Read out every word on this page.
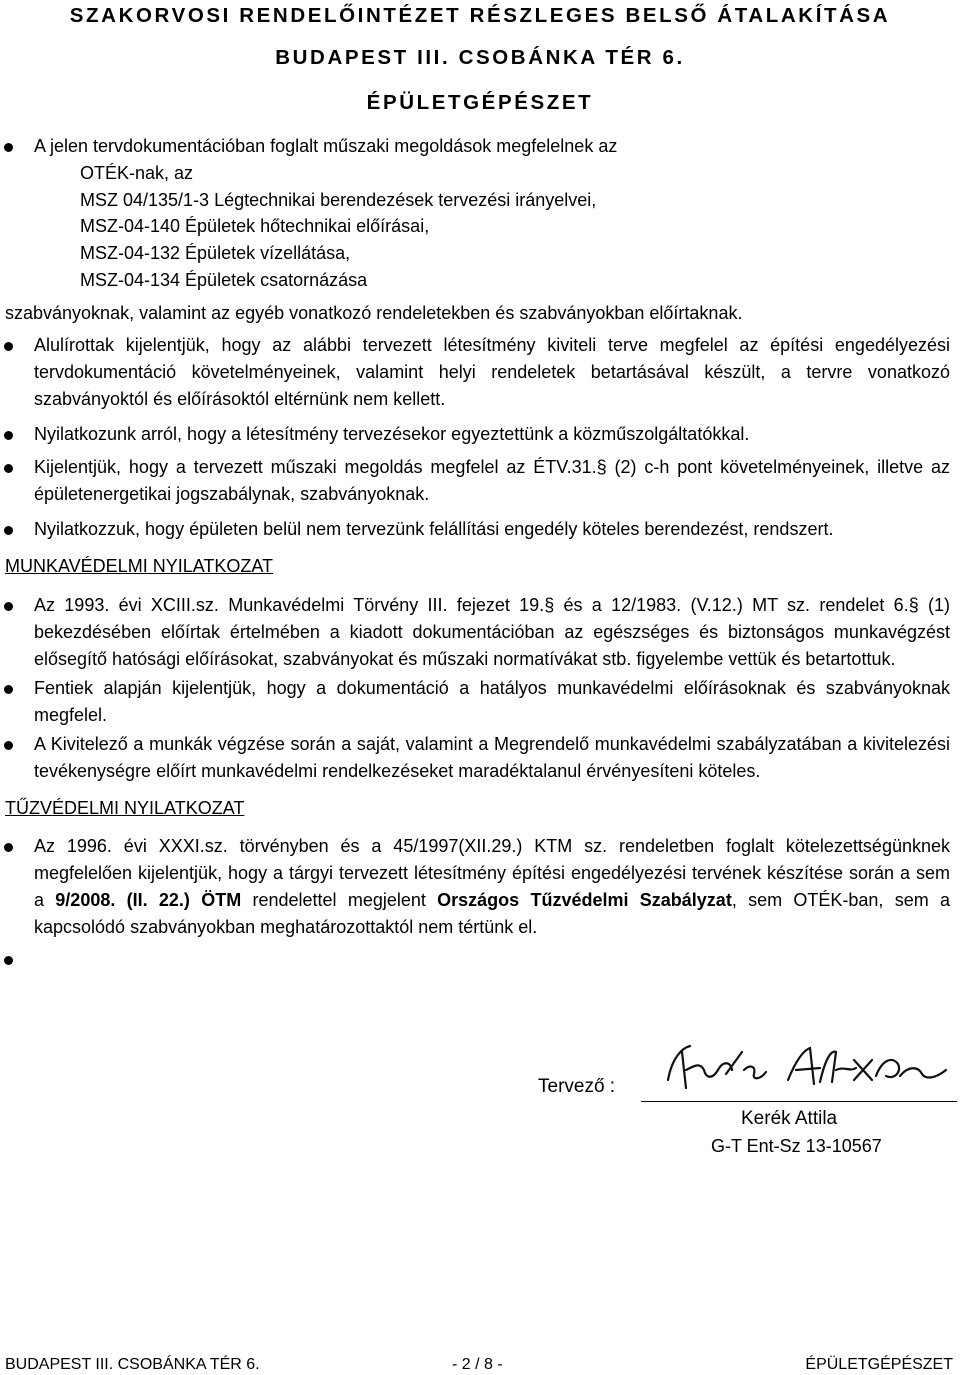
SZAKORVOSI RENDELŐINTÉZET RÉSZLEGES BELSŐ ÁTALAKÍTÁSA
BUDAPEST III. CSOBÁNKA TÉR 6.
ÉPÜLETGÉPÉSZET

A jelen tervdokumentációban foglalt műszaki megoldások megfelelnek az

OTÉK-nak, az

MSZ 04/135/1-3 Légtechnikai berendezések tervezési irányelvei,

MSZ-04-140 Épületek hőtechnikai előírásai,

MSZ-04-132 Épületek vízellátása,

MSZ-04-134 Épületek csatornázása

szabványoknak, valamint az egyéb vonatkozó rendeletekben és szabványokban előírtaknak.
Alulírottak kijelentjük, hogy az alábbi tervezett létesítmény kiviteli terve megfelel az építési engedélyezési tervdokumentáció követelményeinek, valamint helyi rendeletek betartásával készült, a tervre vonatkozó szabványoktól és előírásoktól eltérnünk nem kellett.
Nyilatkozunk arról, hogy a létesítmény tervezésekor egyeztettünk a közműszolgáltatókkal.
Kijelentjük, hogy a tervezett műszaki megoldás megfelel az ÉTV.31.§ (2) c-h pont követelményeinek, illetve az épületenergetikai jogszabálynak, szabványoknak.
Nyilatkozzuk, hogy épületen belül nem tervezünk felállítási engedély köteles berendezést, rendszert.
MUNKAVÉDELMI NYILATKOZAT
Az 1993. évi XCIII.sz. Munkavédelmi Törvény III. fejezet 19.§ és a 12/1983. (V.12.) MT sz. rendelet 6.§ (1) bekezdésében előírtak értelmében a kiadott dokumentációban az egészséges és biztonságos munkavégzést elősegítő hatósági előírásokat, szabványokat és műszaki normatívákat stb. figyelembe vettük és betartottuk.
Fentiek alapján kijelentjük, hogy a dokumentáció a hatályos munkavédelmi előírásoknak és szabványoknak megfelel.
A Kivitelező a munkák végzése során a saját, valamint a Megrendelő munkavédelmi szabályzatában a kivitelezési tevékenységre előírt munkavédelmi rendelkezéseket maradéktalanul érvényesíteni köteles.
TŰZVÉDELMI NYILATKOZAT
Az 1996. évi XXXI.sz. törvényben és a 45/1997(XII.29.) KTM sz. rendeletben foglalt kötelezettségünknek megfelelően kijelentjük, hogy a tárgyi tervezett létesítmény építési engedélyezési tervének készítése során a sem a 9/2008. (II. 22.) ÖTM rendelettel megjelent Országos Tűzvédelmi Szabályzat, sem OTÉK-ban, sem a kapcsolódó szabványokban meghatározottaktól nem tértünk el.
Tervező :
Kerék Attila
G-T Ent-Sz 13-10567
BUDAPEST III. CSOBÁNKA TÉR 6.	- 2 / 8 -	ÉPÜLETGÉPÉSZET
